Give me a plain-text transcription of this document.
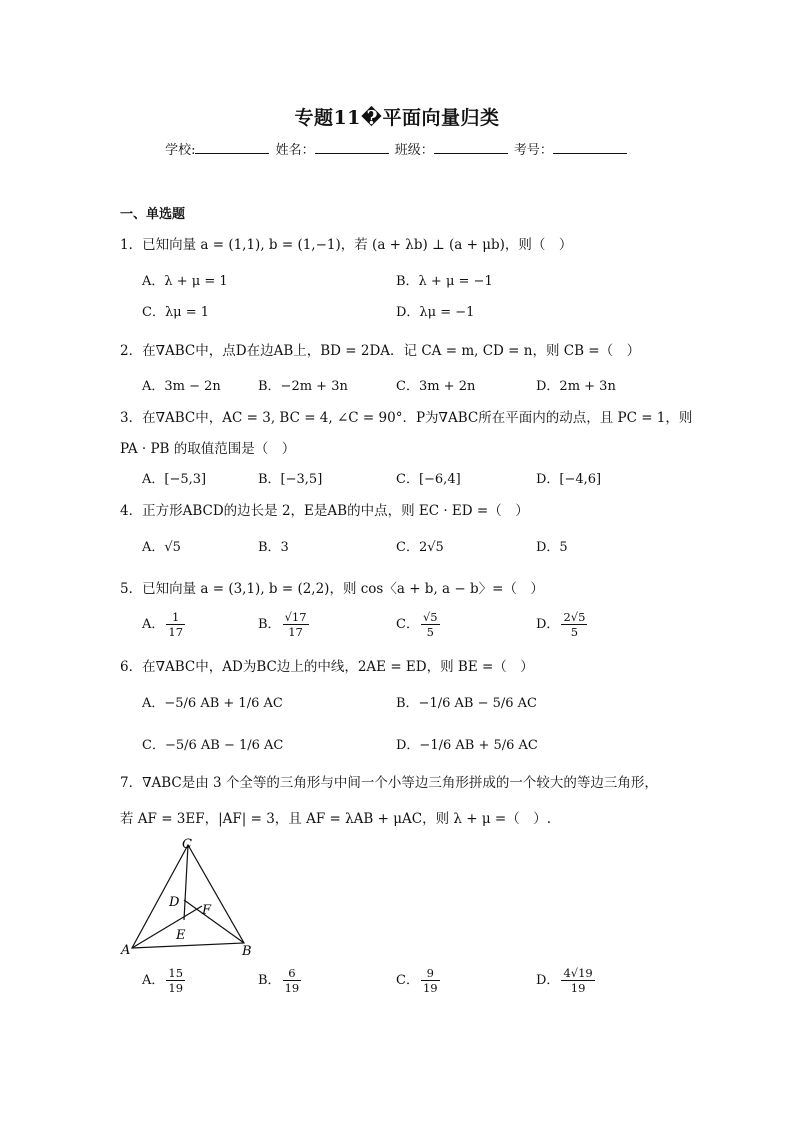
专题11�平面向量归类
学校:	姓名：	班级：	考号：
一、单选题
1．已知向量 a = (1,1), b = (1,−1)，若 (a + λb) ⊥ (a + μb)，则（　）
A．λ + μ = 1	B．λ + μ = −1
C．λμ = 1	D．λμ = −1
2．在∇ABC中，点D在边AB上，BD = 2DA．记 CA = m, CD = n，则 CB =（　）
A．3m − 2n	B．−2m + 3n	C．3m + 2n	D．2m + 3n
3．在∇ABC中，AC = 3, BC = 4, ∠C = 90°．P为∇ABC所在平面内的动点，且 PC = 1，则
PA · PB 的取值范围是（　）
A．[−5,3]	B．[−3,5]	C．[−6,4]	D．[−4,6]
4．正方形ABCD的边长是 2，E是AB的中点，则 EC · ED =（　）
A．√5	B．3	C．2√5	D．5
5．已知向量 a = (3,1), b = (2,2)，则 cos〈a + b, a − b〉=（　）
A． $\frac{1}{17}$	B． $\frac{√17}{17}$	C． $\frac{√5}{5}$	D． $\frac{2√5}{5}$
6．在∇ABC中，AD为BC边上的中线，2AE = ED，则 BE =（　）
A．−5/6 AB + 1/6 AC	B．−1/6 AB − 5/6 AC
C．−5/6 AB − 1/6 AC	D．−1/6 AB + 5/6 AC
7．∇ABC是由 3 个全等的三角形与中间一个小等边三角形拼成的一个较大的等边三角形，
若 AF = 3EF，|AF| = 3，且 AF = λAB + μAC，则 λ + μ =（　）.
C
A	B
D
F
E
A． $\frac{15}{19}$	B． $\frac{6}{19}$	C． $\frac{9}{19}$	D． $\frac{4√19}{19}$
